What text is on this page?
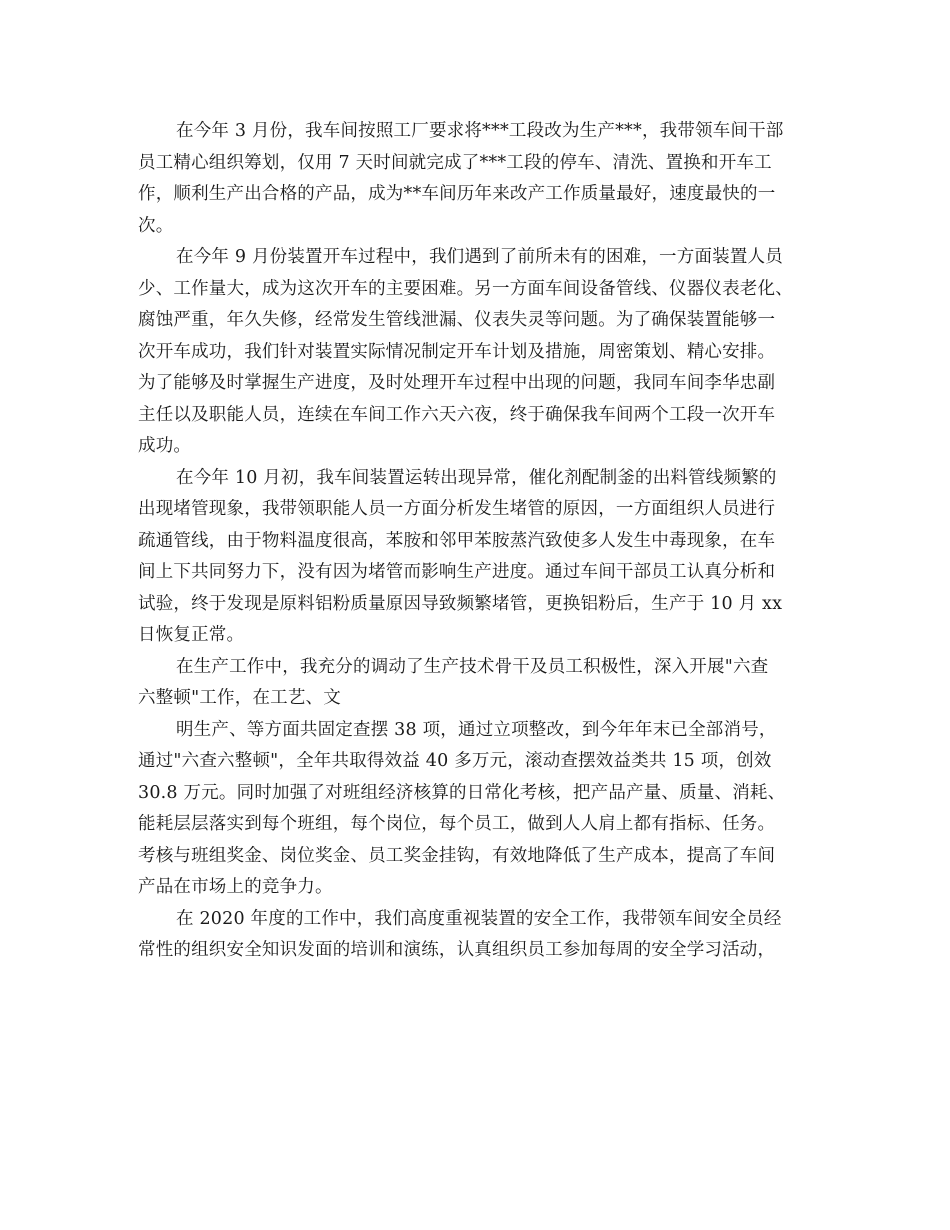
在今年 3 月份，我车间按照工厂要求将***工段改为生产***，我带领车间干部
员工精心组织筹划，仅用 7 天时间就完成了***工段的停车、清洗、置换和开车工
作，顺利生产出合格的产品，成为**车间历年来改产工作质量最好，速度最快的一
次。
在今年 9 月份装置开车过程中，我们遇到了前所未有的困难，一方面装置人员
少、工作量大，成为这次开车的主要困难。另一方面车间设备管线、仪器仪表老化、
腐蚀严重，年久失修，经常发生管线泄漏、仪表失灵等问题。为了确保装置能够一
次开车成功，我们针对装置实际情况制定开车计划及措施，周密策划、精心安排。
为了能够及时掌握生产进度，及时处理开车过程中出现的问题，我同车间李华忠副
主任以及职能人员，连续在车间工作六天六夜，终于确保我车间两个工段一次开车
成功。
在今年 10 月初，我车间装置运转出现异常，催化剂配制釜的出料管线频繁的
出现堵管现象，我带领职能人员一方面分析发生堵管的原因，一方面组织人员进行
疏通管线，由于物料温度很高，苯胺和邻甲苯胺蒸汽致使多人发生中毒现象，在车
间上下共同努力下，没有因为堵管而影响生产进度。通过车间干部员工认真分析和
试验，终于发现是原料铝粉质量原因导致频繁堵管，更换铝粉后，生产于 10 月 xx
日恢复正常。
在生产工作中，我充分的调动了生产技术骨干及员工积极性，深入开展"六查
六整顿"工作，在工艺、文
明生产、等方面共固定查摆 38 项，通过立项整改，到今年年末已全部消号，
通过"六查六整顿"，全年共取得效益 40 多万元，滚动查摆效益类共 15 项，创效
30.8 万元。同时加强了对班组经济核算的日常化考核，把产品产量、质量、消耗、
能耗层层落实到每个班组，每个岗位，每个员工，做到人人肩上都有指标、任务。
考核与班组奖金、岗位奖金、员工奖金挂钩，有效地降低了生产成本，提高了车间
产品在市场上的竞争力。
在 2020 年度的工作中，我们高度重视装置的安全工作，我带领车间安全员经
常性的组织安全知识发面的培训和演练，认真组织员工参加每周的安全学习活动，
